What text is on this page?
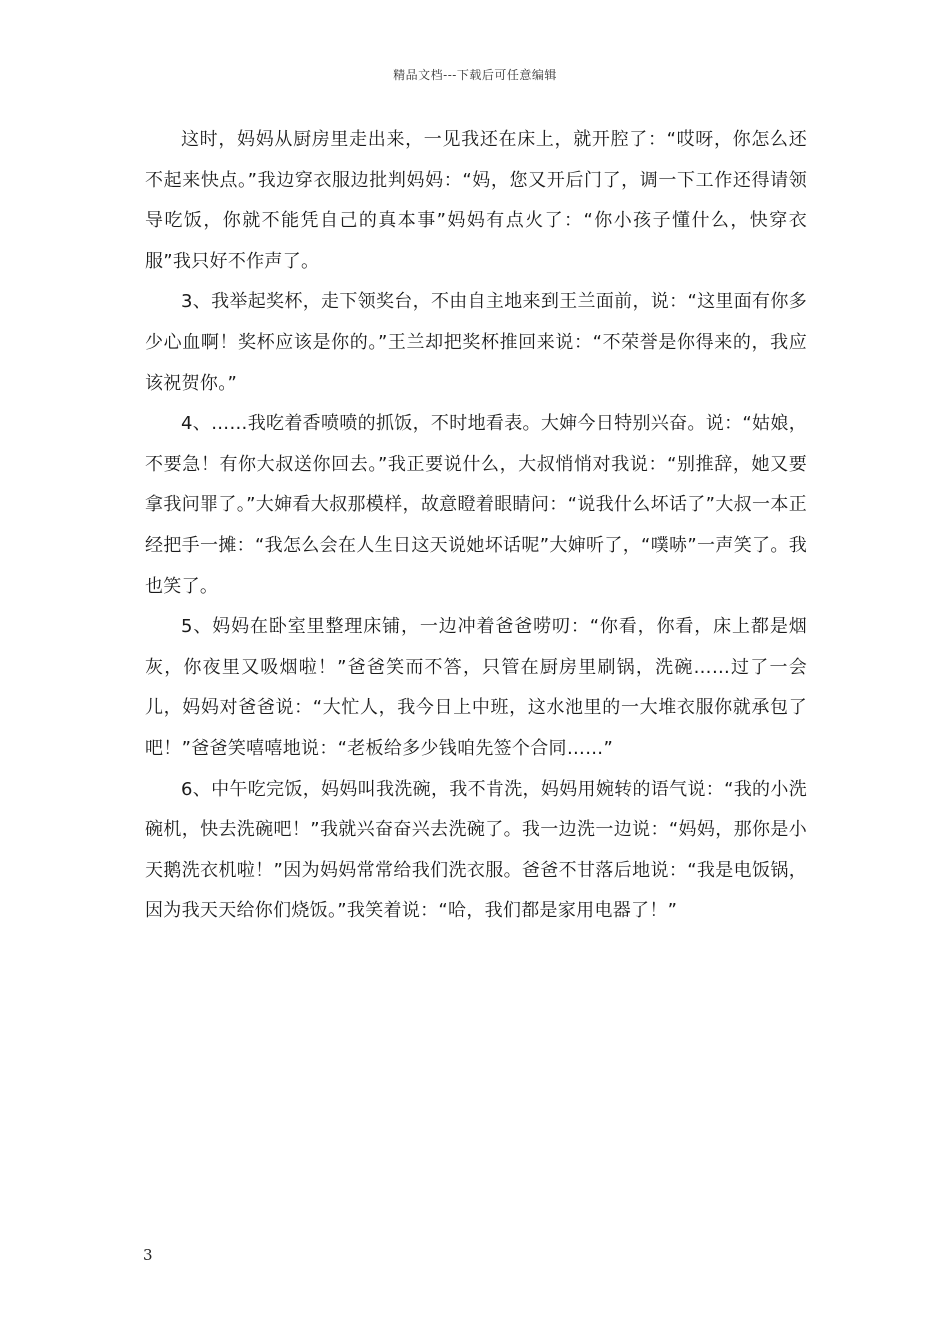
精品文档---下载后可任意编辑

这时，妈妈从厨房里走出来，一见我还在床上，就开腔了：“哎呀，你怎么还不起来快点。”我边穿衣服边批判妈妈：“妈，您又开后门了，调一下工作还得请领导吃饭，你就不能凭自己的真本事”妈妈有点火了：“你小孩子懂什么，快穿衣服”我只好不作声了。

3、我举起奖杯，走下领奖台，不由自主地来到王兰面前，说：“这里面有你多少心血啊！奖杯应该是你的。”王兰却把奖杯推回来说：“不荣誉是你得来的，我应该祝贺你。”

4、……我吃着香喷喷的抓饭，不时地看表。大婶今日特别兴奋。说：“姑娘，不要急！有你大叔送你回去。”我正要说什么，大叔悄悄对我说：“别推辞，她又要拿我问罪了。”大婶看大叔那模样，故意瞪着眼睛问：“说我什么坏话了”大叔一本正经把手一摊：“我怎么会在人生日这天说她坏话呢”大婶听了，“噗哧”一声笑了。我也笑了。

5、妈妈在卧室里整理床铺，一边冲着爸爸唠叨：“你看，你看，床上都是烟灰，你夜里又吸烟啦！”爸爸笑而不答，只管在厨房里刷锅，洗碗……过了一会儿，妈妈对爸爸说：“大忙人，我今日上中班，这水池里的一大堆衣服你就承包了吧！”爸爸笑嘻嘻地说：“老板给多少钱咱先签个合同……”

6、中午吃完饭，妈妈叫我洗碗，我不肯洗，妈妈用婉转的语气说：“我的小洗碗机，快去洗碗吧！”我就兴奋奋兴去洗碗了。我一边洗一边说：“妈妈，那你是小天鹅洗衣机啦！”因为妈妈常常给我们洗衣服。爸爸不甘落后地说：“我是电饭锅，因为我天天给你们烧饭。”我笑着说：“哈，我们都是家用电器了！”

3
